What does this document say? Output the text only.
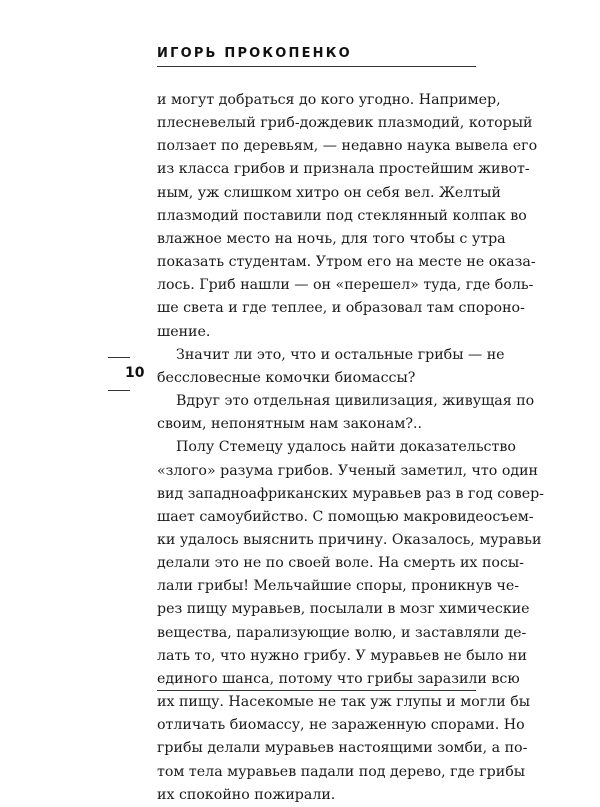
ИГОРЬ ПРОКОПЕНКО
10
и могут добраться до кого угодно. Например,
плесневелый гриб-дождевик плазмодий, который
ползает по деревьям, — недавно наука вывела его
из класса грибов и признала простейшим живот-
ным, уж слишком хитро он себя вел. Желтый
плазмодий поставили под стеклянный колпак во
влажное место на ночь, для того чтобы с утра
показать студентам. Утром его на месте не оказа-
лось. Гриб нашли — он «перешел» туда, где боль-
ше света и где теплее, и образовал там спороно-
шение.
Значит ли это, что и остальные грибы — не
бессловесные комочки биомассы?
Вдруг это отдельная цивилизация, живущая по
своим, непонятным нам законам?..
Полу Стемецу удалось найти доказательство
«злого» разума грибов. Ученый заметил, что один
вид западноафриканских муравьев раз в год совер-
шает самоубийство. С помощью макровидеосъем-
ки удалось выяснить причину. Оказалось, муравьи
делали это не по своей воле. На смерть их посы-
лали грибы! Мельчайшие споры, проникнув че-
рез пищу муравьев, посылали в мозг химические
вещества, парализующие волю, и заставляли де-
лать то, что нужно грибу. У муравьев не было ни
единого шанса, потому что грибы заразили всю
их пищу. Насекомые не так уж глупы и могли бы
отличать биомассу, не зараженную спорами. Но
грибы делали муравьев настоящими зомби, а по-
том тела муравьев падали под дерево, где грибы
их спокойно пожирали.
